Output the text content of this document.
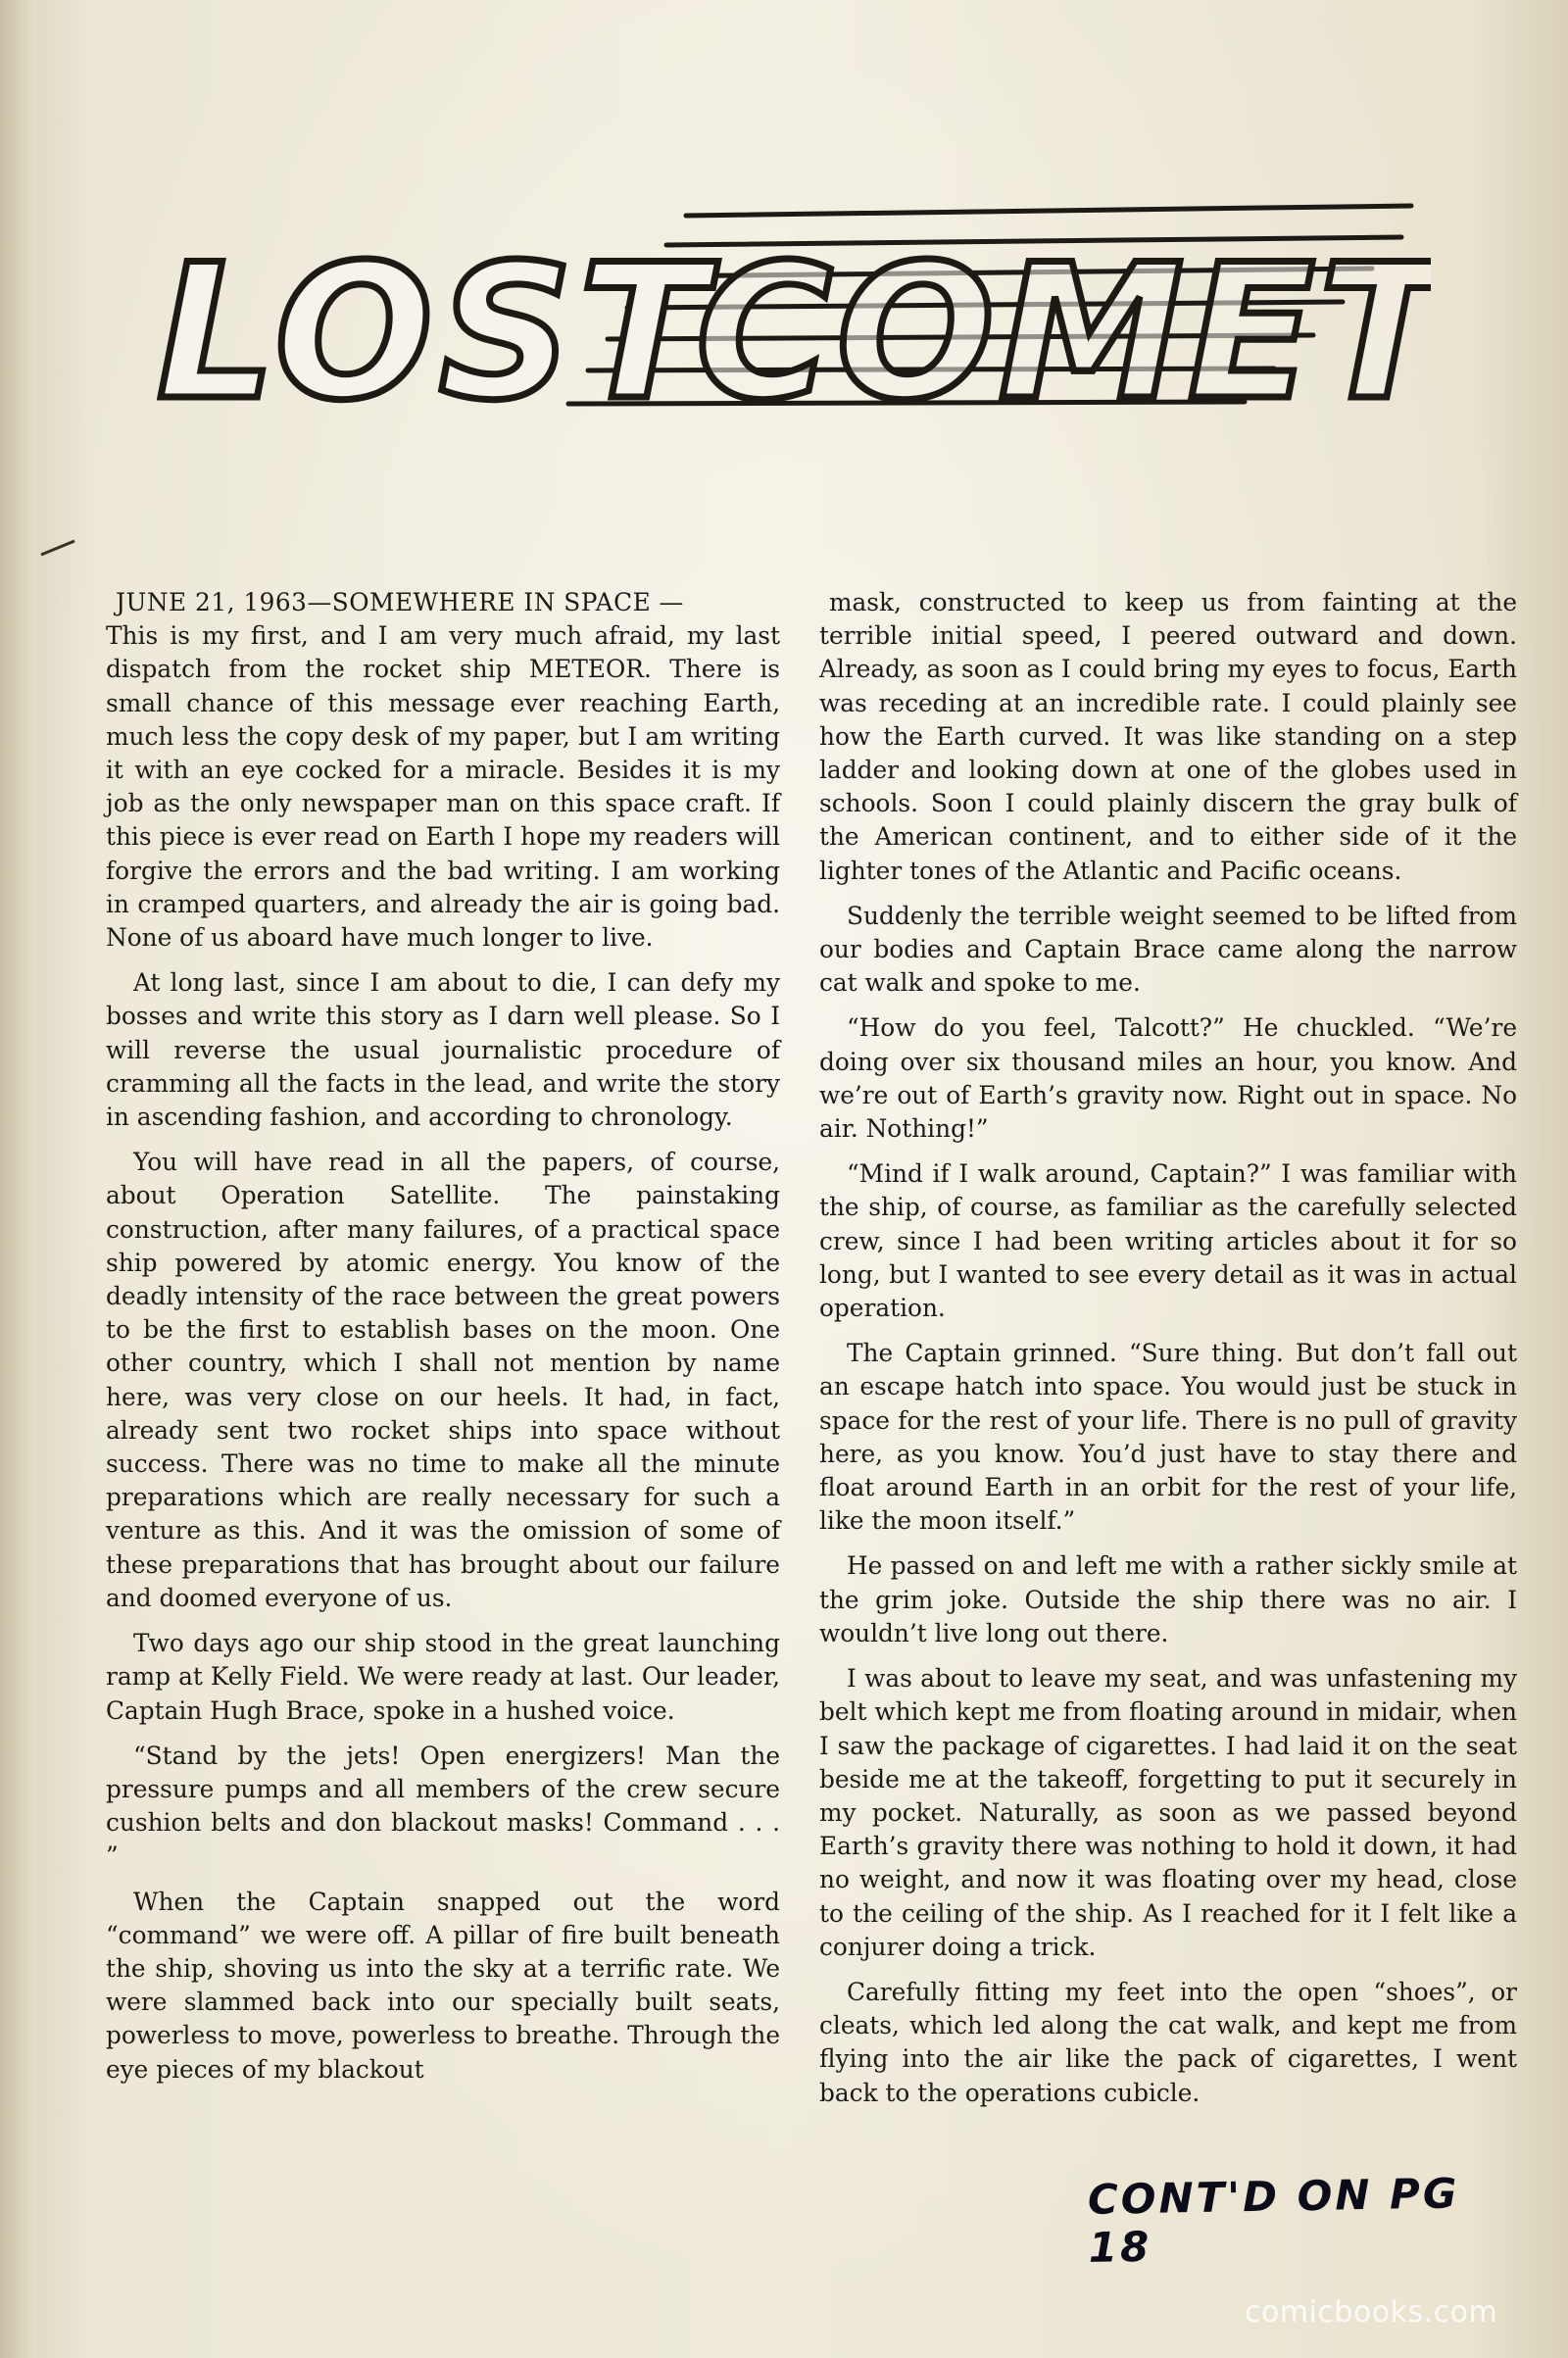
LOST
COMET

JUNE 21, 1963—SOMEWHERE IN SPACE —
This is my first, and I am very much afraid, my last dispatch from the rocket ship METEOR. There is small chance of this message ever reaching Earth, much less the copy desk of my paper, but I am writing it with an eye cocked for a miracle. Besides it is my job as the only newspaper man on this space craft. If this piece is ever read on Earth I hope my readers will forgive the errors and the bad writing. I am working in cramped quarters, and already the air is going bad. None of us aboard have much longer to live.

At long last, since I am about to die, I can defy my bosses and write this story as I darn well please. So I will reverse the usual journalistic procedure of cramming all the facts in the lead, and write the story in ascending fashion, and according to chronology.

You will have read in all the papers, of course, about Operation Satellite. The painstaking construction, after many failures, of a practical space ship powered by atomic energy. You know of the deadly intensity of the race between the great powers to be the first to establish bases on the moon. One other country, which I shall not mention by name here, was very close on our heels. It had, in fact, already sent two rocket ships into space without success. There was no time to make all the minute preparations which are really necessary for such a venture as this. And it was the omission of some of these preparations that has brought about our failure and doomed everyone of us.

Two days ago our ship stood in the great launching ramp at Kelly Field. We were ready at last. Our leader, Captain Hugh Brace, spoke in a hushed voice.

“Stand by the jets! Open energizers! Man the pressure pumps and all members of the crew secure cushion belts and don blackout masks! Command . . . ”

When the Captain snapped out the word “command” we were off. A pillar of fire built beneath the ship, shoving us into the sky at a terrific rate. We were slammed back into our specially built seats, powerless to move, powerless to breathe. Through the eye pieces of my blackout

mask, constructed to keep us from fainting at the terrible initial speed, I peered outward and down. Already, as soon as I could bring my eyes to focus, Earth was receding at an incredible rate. I could plainly see how the Earth curved. It was like standing on a step ladder and looking down at one of the globes used in schools. Soon I could plainly discern the gray bulk of the American continent, and to either side of it the lighter tones of the Atlantic and Pacific oceans.

Suddenly the terrible weight seemed to be lifted from our bodies and Captain Brace came along the narrow cat walk and spoke to me.

“How do you feel, Talcott?” He chuckled. “We’re doing over six thousand miles an hour, you know. And we’re out of Earth’s gravity now. Right out in space. No air. Nothing!”

“Mind if I walk around, Captain?” I was familiar with the ship, of course, as familiar as the carefully selected crew, since I had been writing articles about it for so long, but I wanted to see every detail as it was in actual operation.

The Captain grinned. “Sure thing. But don’t fall out an escape hatch into space. You would just be stuck in space for the rest of your life. There is no pull of gravity here, as you know. You’d just have to stay there and float around Earth in an orbit for the rest of your life, like the moon itself.”

He passed on and left me with a rather sickly smile at the grim joke. Outside the ship there was no air. I wouldn’t live long out there.

I was about to leave my seat, and was unfastening my belt which kept me from floating around in midair, when I saw the package of cigarettes. I had laid it on the seat beside me at the takeoff, forgetting to put it securely in my pocket. Naturally, as soon as we passed beyond Earth’s gravity there was nothing to hold it down, it had no weight, and now it was floating over my head, close to the ceiling of the ship. As I reached for it I felt like a conjurer doing a trick.

Carefully fitting my feet into the open “shoes”, or cleats, which led along the cat walk, and kept me from flying into the air like the pack of cigarettes, I went back to the operations cubicle.

CONT'D ON PG 18
comicbooks.com
